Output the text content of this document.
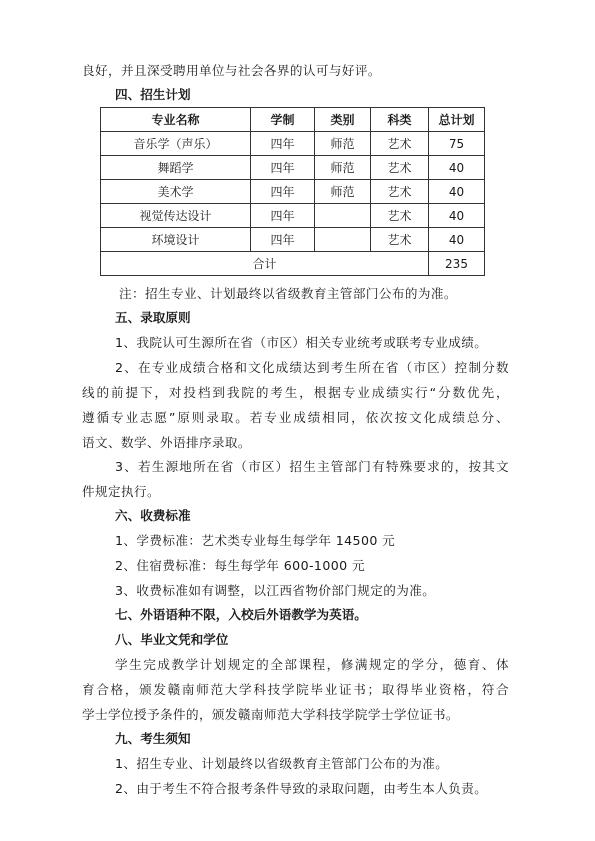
良好，并且深受聘用单位与社会各界的认可与好评。

四、招生计划

专业名称	学制	类别	科类	总计划
音乐学（声乐）	四年	师范	艺术	75
舞蹈学	四年	师范	艺术	40
美术学	四年	师范	艺术	40
视觉传达设计	四年		艺术	40
环境设计	四年		艺术	40
合计				235

注：招生专业、计划最终以省级教育主管部门公布的为准。

五、录取原则

1、我院认可生源所在省（市区）相关专业统考或联考专业成绩。

2、在专业成绩合格和文化成绩达到考生所在省（市区）控制分数

线的前提下，对投档到我院的考生，根据专业成绩实行“分数优先，

遵循专业志愿”原则录取。若专业成绩相同，依次按文化成绩总分、

语文、数学、外语排序录取。

3、若生源地所在省（市区）招生主管部门有特殊要求的，按其文

件规定执行。

六、收费标准

1、学费标准：艺术类专业每生每学年 14500 元

2、住宿费标准：每生每学年 600-1000 元

3、收费标准如有调整，以江西省物价部门规定的为准。

七、外语语种不限，入校后外语教学为英语。

八、毕业文凭和学位

学生完成教学计划规定的全部课程，修满规定的学分，德育、体

育合格，颁发赣南师范大学科技学院毕业证书；取得毕业资格，符合

学士学位授予条件的，颁发赣南师范大学科技学院学士学位证书。

九、考生须知

1、招生专业、计划最终以省级教育主管部门公布的为准。

2、由于考生不符合报考条件导致的录取问题，由考生本人负责。
